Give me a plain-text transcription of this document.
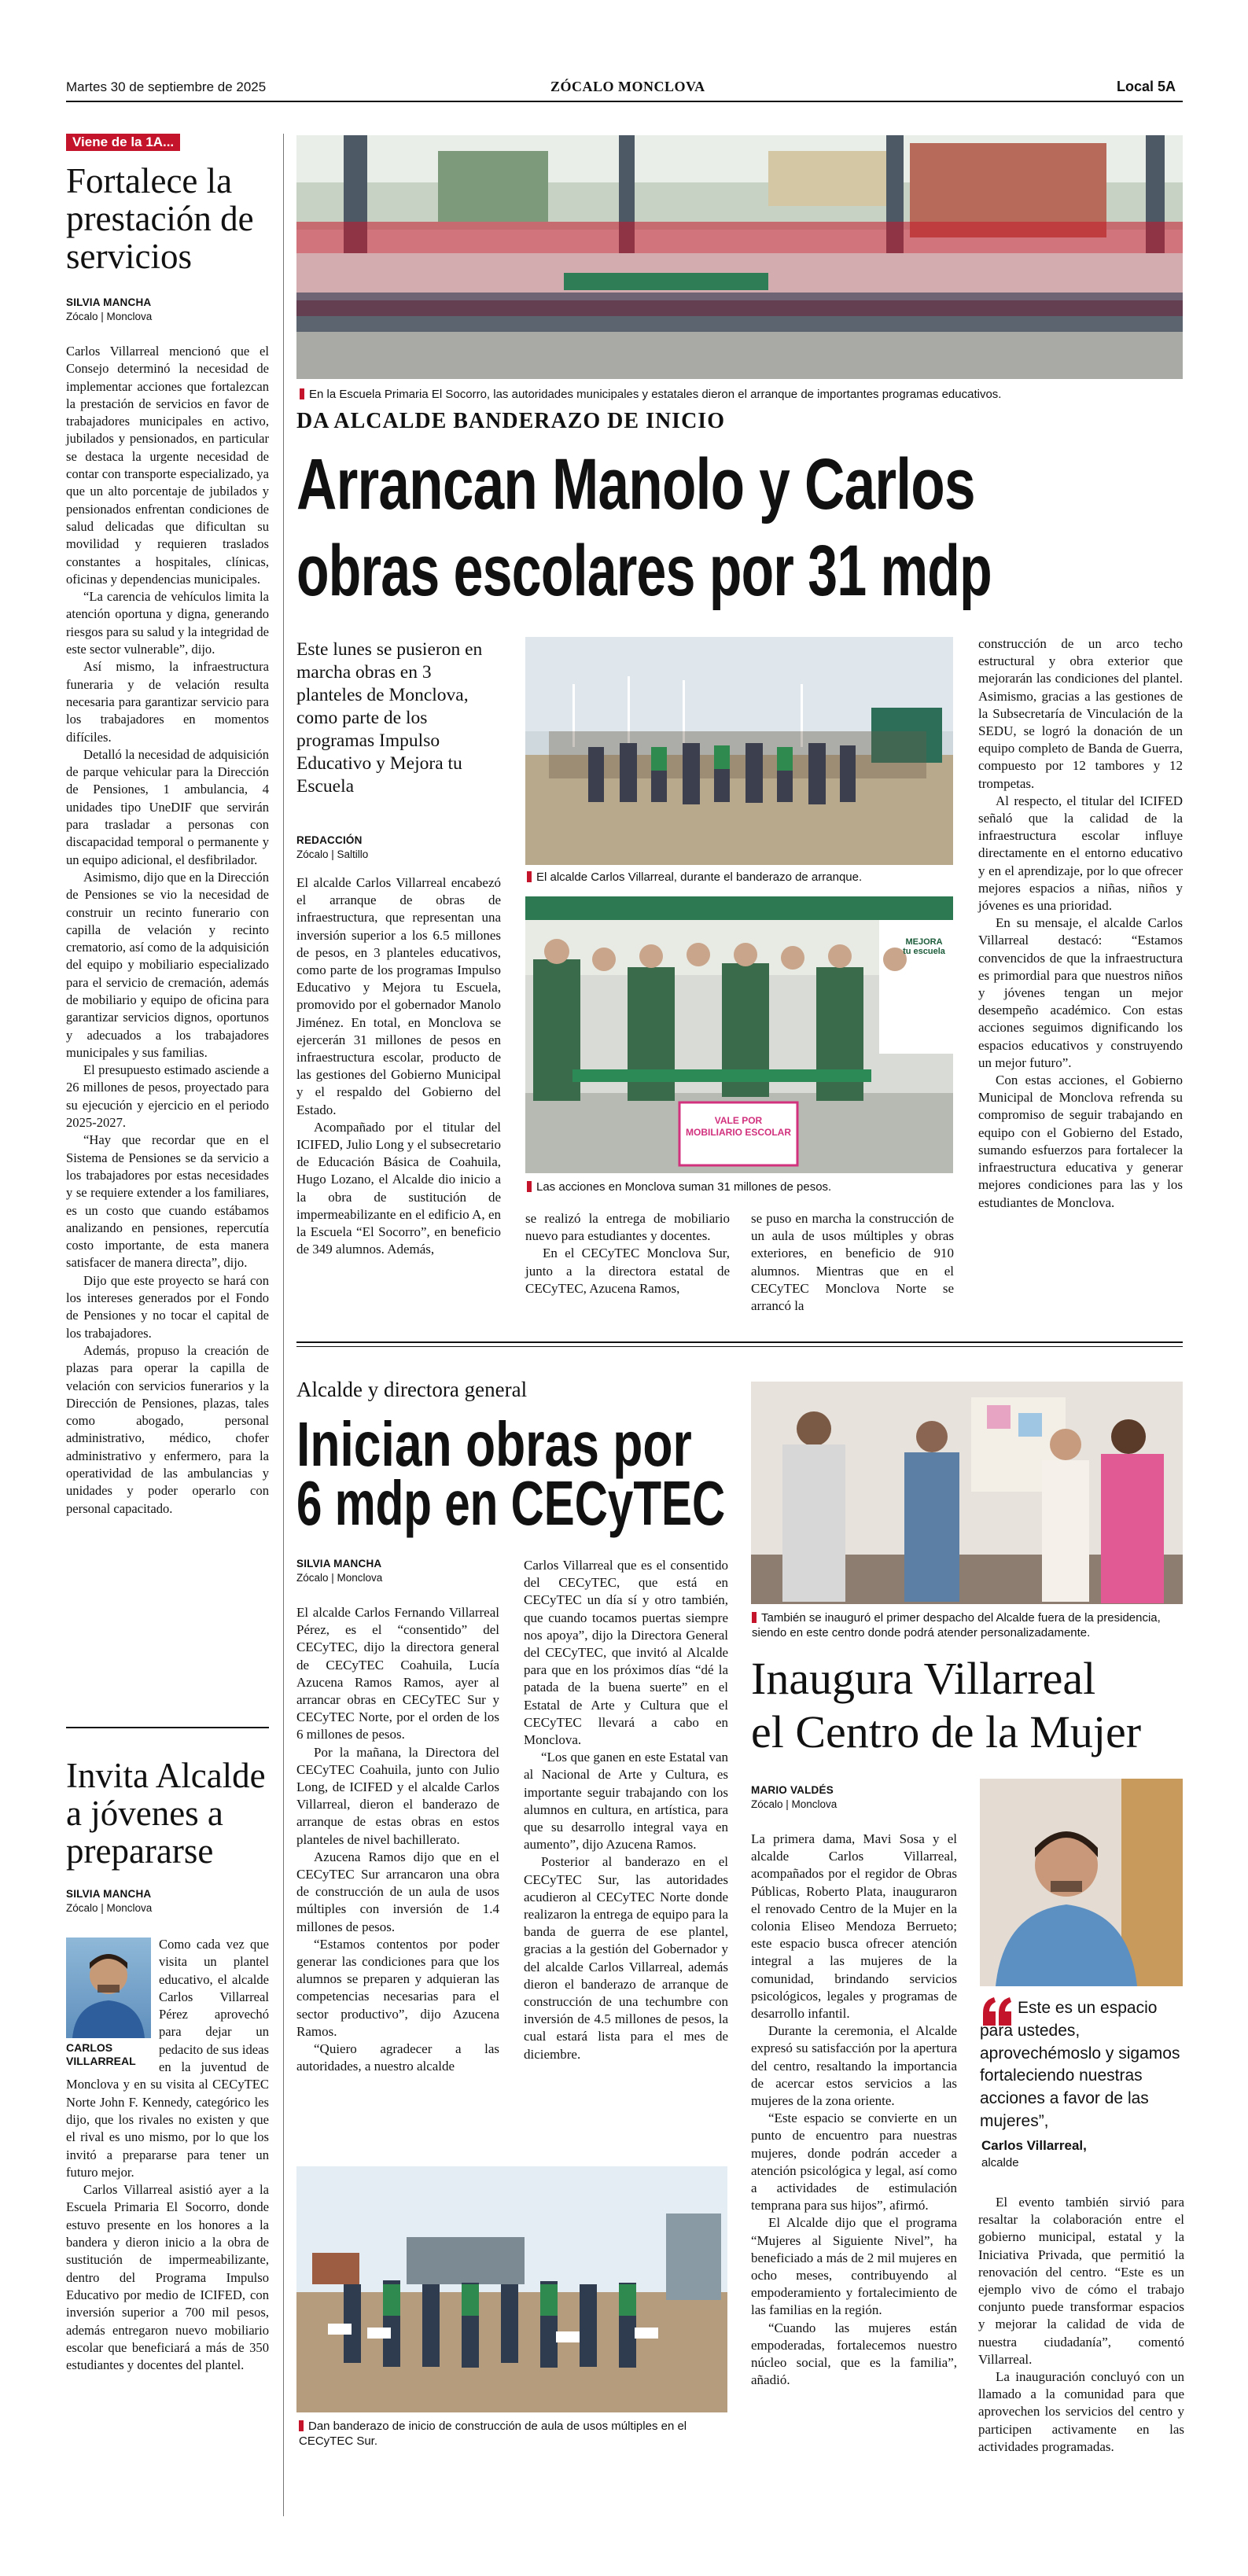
Martes 30 de septiembre de 2025	ZÓCALO MONCLOVA	Local 5A
Viene de la 1A...
Fortalece la prestación de servicios
SILVIA MANCHA
Zócalo | Monclova

Carlos Villarreal mencionó que el Consejo determinó la necesidad de implementar acciones que fortalezcan la prestación de servicios en favor de trabajadores municipales en activo, jubilados y pensionados, en particular se destaca la urgente necesidad de contar con transporte especializado, ya que un alto porcentaje de jubilados y pensionados enfrentan condiciones de salud delicadas que dificultan su movilidad y requieren traslados constantes a hospitales, clínicas, oficinas y dependencias municipales.

“La carencia de vehículos limita la atención oportuna y digna, generando riesgos para su salud y la integridad de este sector vulnerable”, dijo.

Así mismo, la infraestructura funeraria y de velación resulta necesaria para garantizar servicio para los trabajadores en momentos difíciles.

Detalló la necesidad de adquisición de parque vehicular para la Dirección de Pensiones, 1 ambulancia, 4 unidades tipo UneDIF que servirán para trasladar a personas con discapacidad temporal o permanente y un equipo adicional, el desfibrilador.

Asimismo, dijo que en la Dirección de Pensiones se vio la necesidad de construir un recinto funerario con capilla de velación y recinto crematorio, así como de la adquisición del equipo y mobiliario especializado para el servicio de cremación, además de mobiliario y equipo de oficina para garantizar servicios dignos, oportunos y adecuados a los trabajadores municipales y sus familias.

El presupuesto estimado asciende a 26 millones de pesos, proyectado para su ejecución y ejercicio en el periodo 2025-2027.

“Hay que recordar que en el Sistema de Pensiones se da servicio a los trabajadores por estas necesidades y se requiere extender a los familiares, es un costo que cuando estábamos analizando en pensiones, repercutía costo importante, de esta manera satisfacer de manera directa”, dijo.

Dijo que este proyecto se hará con los intereses generados por el Fondo de Pensiones y no tocar el capital de los trabajadores.

Además, propuso la creación de plazas para operar la capilla de velación con servicios funerarios y la Dirección de Pensiones, plazas, tales como abogado, personal administrativo, médico, chofer administrativo y enfermero, para la operatividad de las ambulancias y unidades y poder operarlo con personal capacitado.

Invita Alcalde a jóvenes a prepararse
SILVIA MANCHA
Zócalo | Monclova
CARLOS VILLARREAL

Como cada vez que visita un plantel educativo, el alcalde Carlos Villarreal Pérez aprovechó para dejar un pedacito de sus ideas en la juventud de Monclova y en su visita al CECyTEC Norte John F. Kennedy, categórico les dijo, que los rivales no existen y que el rival es uno mismo, por lo que los invitó a prepararse para tener un futuro mejor.

Carlos Villarreal asistió ayer a la Escuela Primaria El Socorro, donde estuvo presente en los honores a la bandera y dieron inicio a la obra de sustitución de impermeabilizante, dentro del Programa Impulso Educativo por medio de ICIFED, con inversión superior a 700 mil pesos, además entregaron nuevo mobiliario escolar que beneficiará a más de 350 estudiantes y docentes del plantel.

En la Escuela Primaria El Socorro, las autoridades municipales y estatales dieron el arranque de importantes programas educativos.
DA ALCALDE BANDERAZO DE INICIO
Arrancan Manolo y Carlos
obras escolares por 31 mdp
Este lunes se pusieron en marcha obras en 3 planteles de Monclova, como parte de los programas Impulso Educativo y Mejora tu Escuela
REDACCIÓN
Zócalo | Saltillo
El alcalde Carlos Villarreal, durante el banderazo de arranque.
MEJORA
tu escuela
VALE POR MOBILIARIO ESCOLAR
Las acciones en Monclova suman 31 millones de pesos.

El alcalde Carlos Villarreal encabezó el arranque de obras de infraestructura, que representan una inversión superior a los 6.5 millones de pesos, en 3 planteles educativos, como parte de los programas Impulso Educativo y Mejora tu Escuela, promovido por el gobernador Manolo Jiménez. En total, en Monclova se ejercerán 31 millones de pesos en infraestructura escolar, producto de las gestiones del Gobierno Municipal y el respaldo del Gobierno del Estado.

Acompañado por el titular del ICIFED, Julio Long y el subsecretario de Educación Básica de Coahuila, Hugo Lozano, el Alcalde dio inicio a la obra de sustitución de impermeabilizante en el edificio A, en la Escuela “El Socorro”, en beneficio de 349 alumnos. Además,

se realizó la entrega de mobiliario nuevo para estudiantes y docentes.

En el CECyTEC Monclova Sur, junto a la directora estatal de CECyTEC, Azucena Ramos,

se puso en marcha la construcción de un aula de usos múltiples y obras exteriores, en beneficio de 910 alumnos. Mientras que en el CECyTEC Monclova Norte se arrancó la

construcción de un arco techo estructural y obra exterior que mejorarán las condiciones del plantel. Asimismo, gracias a las gestiones de la Subsecretaría de Vinculación de la SEDU, se logró la donación de un equipo completo de Banda de Guerra, compuesto por 12 tambores y 12 trompetas.

Al respecto, el titular del ICIFED señaló que la calidad de la infraestructura escolar influye directamente en el entorno educativo y en el aprendizaje, por lo que ofrecer mejores espacios a niñas, niños y jóvenes es una prioridad.

En su mensaje, el alcalde Carlos Villarreal destacó: “Estamos convencidos de que la infraestructura es primordial para que nuestros niños y jóvenes tengan un mejor desempeño académico. Con estas acciones seguimos dignificando los espacios educativos y construyendo un mejor futuro”.

Con estas acciones, el Gobierno Municipal de Monclova refrenda su compromiso de seguir trabajando en equipo con el Gobierno del Estado, sumando esfuerzos para fortalecer la infraestructura educativa y generar mejores condiciones para las y los estudiantes de Monclova.

Alcalde y directora general
Inician obras por
6 mdp en CECyTEC
SILVIA MANCHA
Zócalo | Monclova

El alcalde Carlos Fernando Villarreal Pérez, es el “consentido” del CECyTEC, dijo la directora general de CECyTEC Coahuila, Lucía Azucena Ramos Ramos, ayer al arrancar obras en CECyTEC Sur y CECyTEC Norte, por el orden de los 6 millones de pesos.

Por la mañana, la Directora del CECyTEC Coahuila, junto con Julio Long, de ICIFED y el alcalde Carlos Villarreal, dieron el banderazo de arranque de estas obras en estos planteles de nivel bachillerato.

Azucena Ramos dijo que en el CECyTEC Sur arrancaron una obra de construcción de un aula de usos múltiples con inversión de 1.4 millones de pesos.

“Estamos contentos por poder generar las condiciones para que los alumnos se preparen y adquieran las competencias necesarias para el sector productivo”, dijo Azucena Ramos.

“Quiero agradecer a las autoridades, a nuestro alcalde

Carlos Villarreal que es el consentido del CECyTEC, que está en CECyTEC un día sí y otro también, que cuando tocamos puertas siempre nos apoya”, dijo la Directora General del CECyTEC, que invitó al Alcalde para que en los próximos días “dé la patada de la buena suerte” en el Estatal de Arte y Cultura que el CECyTEC llevará a cabo en Monclova.

“Los que ganen en este Estatal van al Nacional de Arte y Cultura, es importante seguir trabajando con los alumnos en cultura, en artística, para que su desarrollo integral vaya en aumento”, dijo Azucena Ramos.

Posterior al banderazo en el CECyTEC Sur, las autoridades acudieron al CECyTEC Norte donde realizaron la entrega de equipo para la banda de guerra de ese plantel, gracias a la gestión del Gobernador y del alcalde Carlos Villarreal, además dieron el banderazo de arranque de construcción de una techumbre con inversión de 4.5 millones de pesos, la cual estará lista para el mes de diciembre.

Dan banderazo de inicio de construcción de aula de usos múltiples en el CECyTEC Sur.
También se inauguró el primer despacho del Alcalde fuera de la presidencia, siendo en este centro donde podrá atender personalizadamente.
Inaugura Villarreal
el Centro de la Mujer
MARIO VALDÉS
Zócalo | Monclova

La primera dama, Mavi Sosa y el alcalde Carlos Villarreal, acompañados por el regidor de Obras Públicas, Roberto Plata, inauguraron el renovado Centro de la Mujer en la colonia Eliseo Mendoza Berrueto; este espacio busca ofrecer atención integral a las mujeres de la comunidad, brindando servicios psicológicos, legales y programas de desarrollo infantil.

Durante la ceremonia, el Alcalde expresó su satisfacción por la apertura del centro, resaltando la importancia de acercar estos servicios a las mujeres de la zona oriente.

“Este espacio se convierte en un punto de encuentro para nuestras mujeres, donde podrán acceder a atención psicológica y legal, así como a actividades de estimulación temprana para sus hijos”, afirmó.

El Alcalde dijo que el programa “Mujeres al Siguiente Nivel”, ha beneficiado a más de 2 mil mujeres en ocho meses, contribuyendo al empoderamiento y fortalecimiento de las familias en la región.

“Cuando las mujeres están empoderadas, fortalecemos nuestro núcleo social, que es la familia”, añadió.

Este es un espacio para ustedes, aprovechémoslo y sigamos fortaleciendo nuestras acciones a favor de las mujeres”,
Carlos Villarreal,
alcalde

El evento también sirvió para resaltar la colaboración entre el gobierno municipal, estatal y la Iniciativa Privada, que permitió la renovación del centro. “Este es un ejemplo vivo de cómo el trabajo conjunto puede transformar espacios y mejorar la calidad de vida de nuestra ciudadanía”, comentó Villarreal.

La inauguración concluyó con un llamado a la comunidad para que aprovechen los servicios del centro y participen activamente en las actividades programadas.
